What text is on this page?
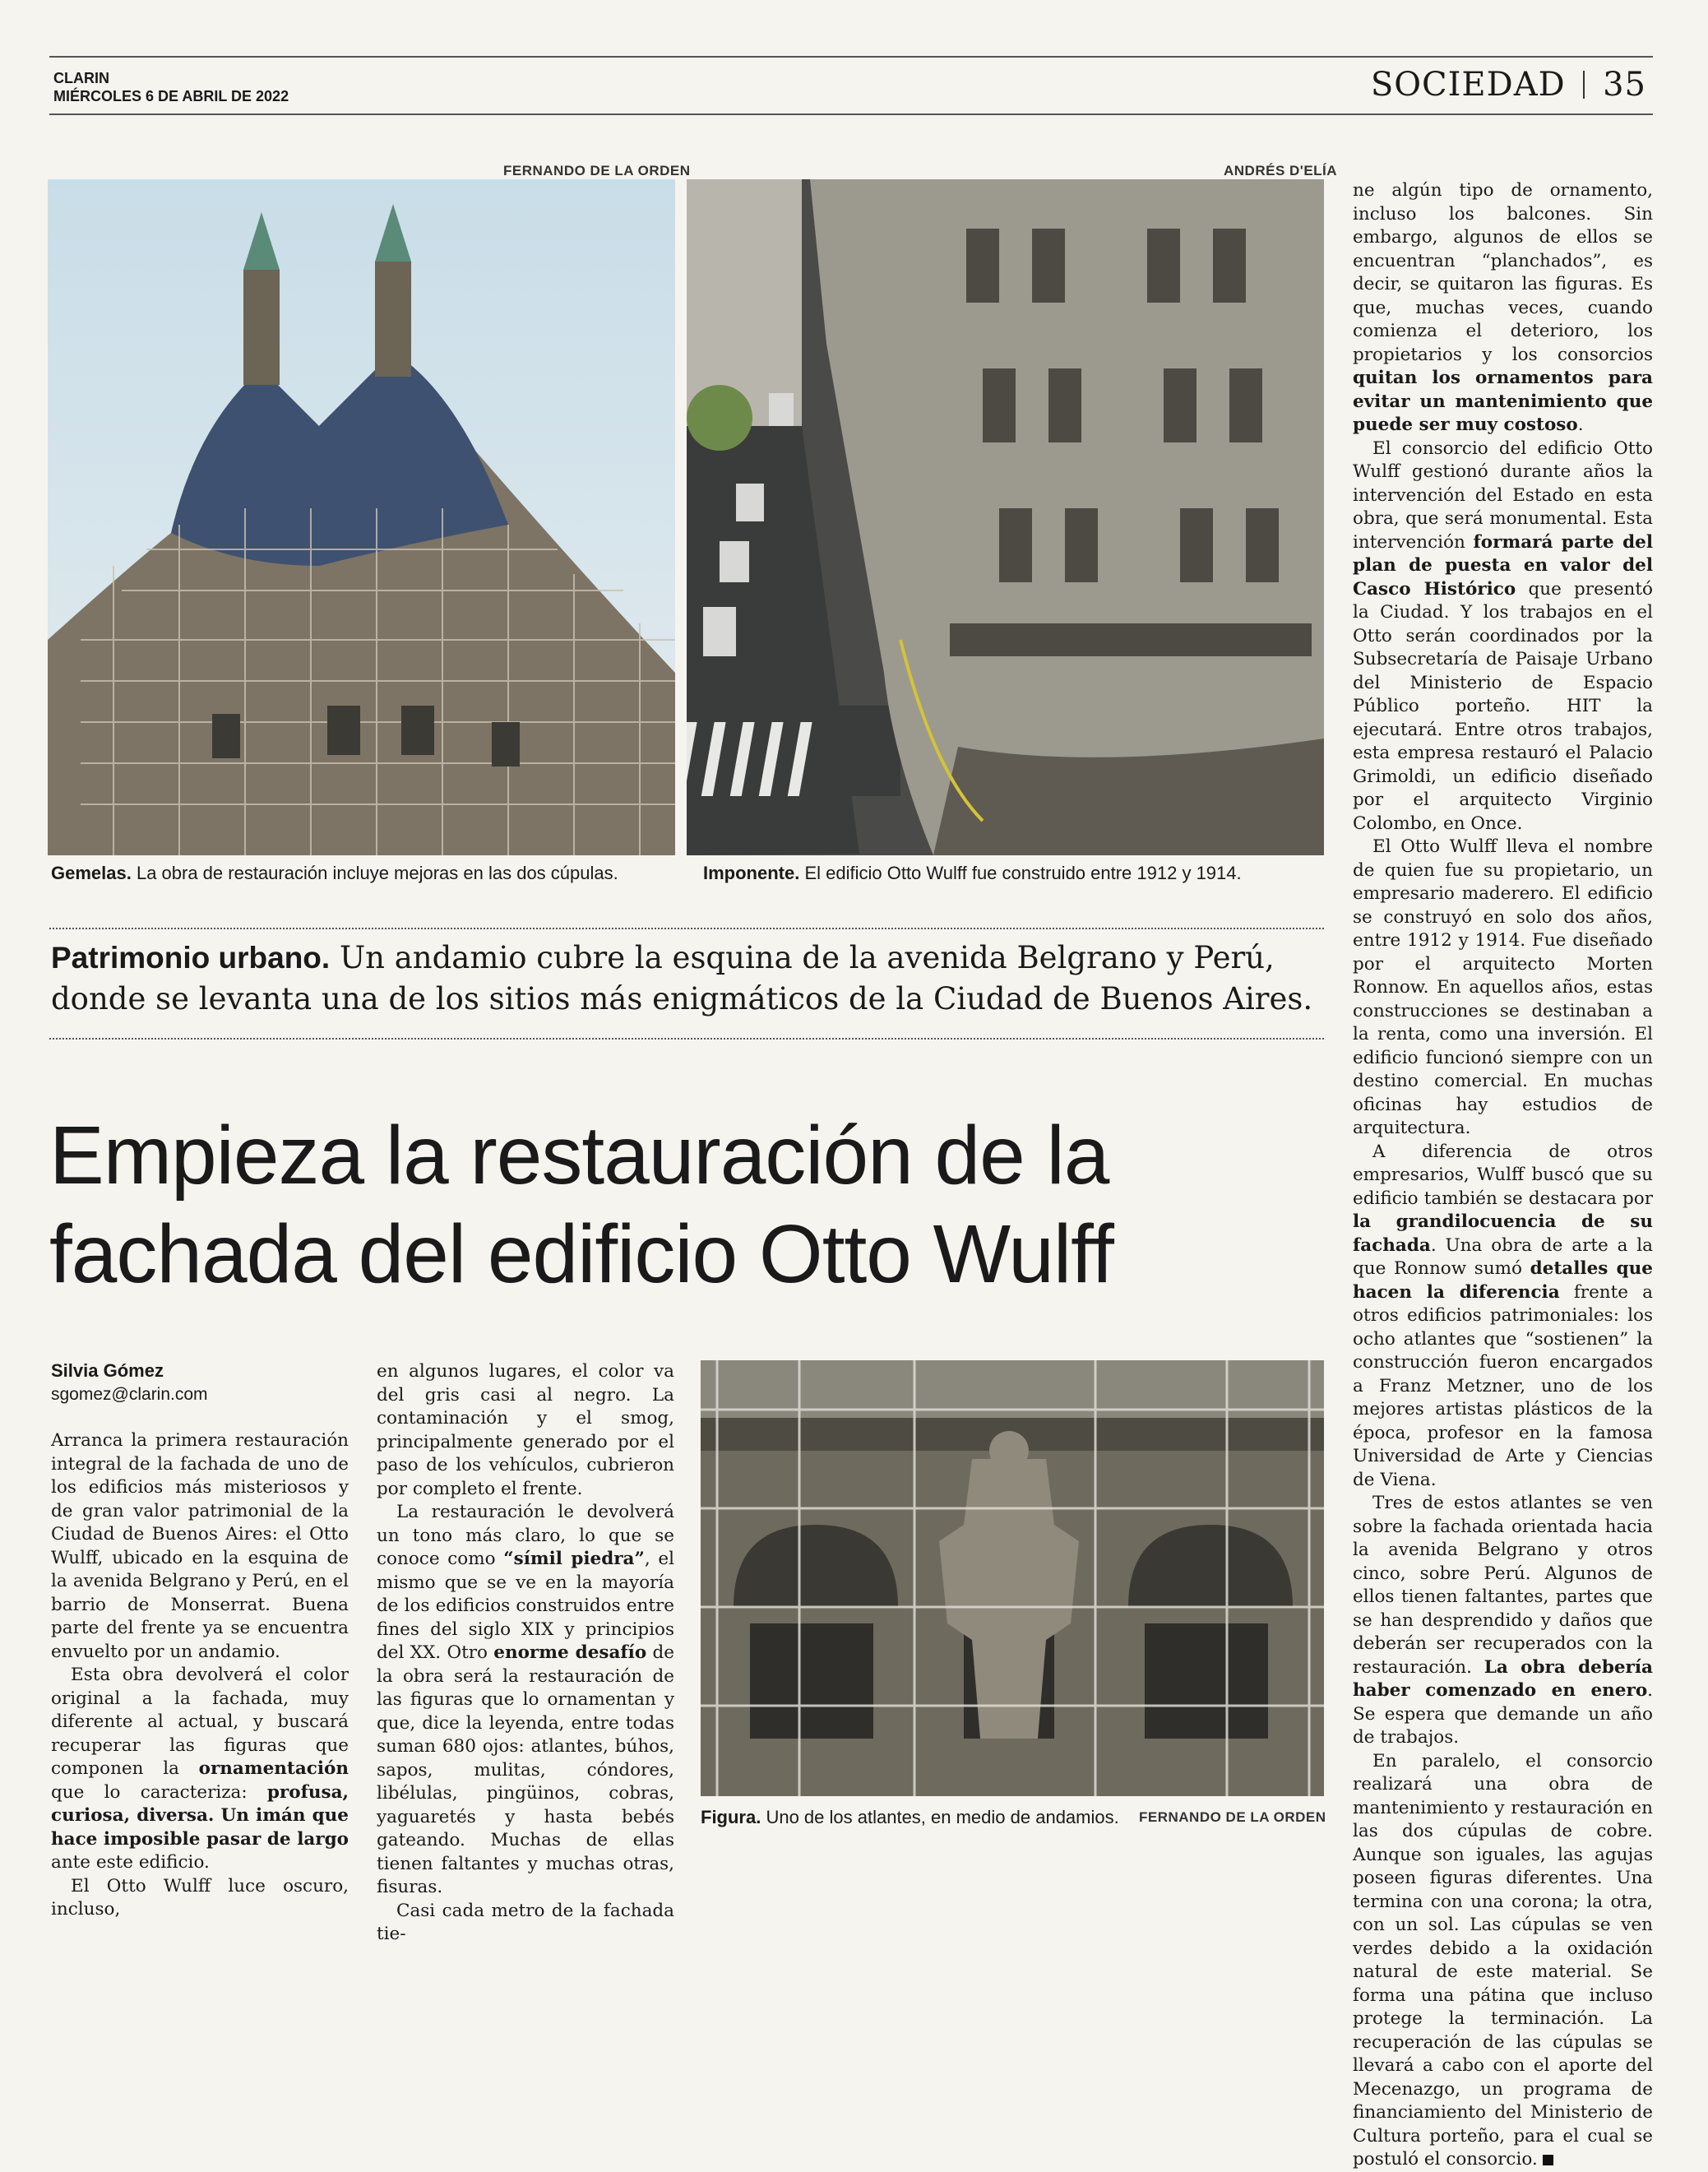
CLARIN
MIÉRCOLES 6 DE ABRIL DE 2022	SOCIEDAD 35
FERNANDO DE LA ORDEN	ANDRÉS D'ELÍA
Gemelas. La obra de restauración incluye mejoras en las dos cúpulas.	Imponente. El edificio Otto Wulff fue construido entre 1912 y 1914.
Patrimonio urbano. Un andamio cubre la esquina de la avenida Belgrano y Perú, donde se levanta una de los sitios más enigmáticos de la Ciudad de Buenos Aires.
Empieza la restauración de la fachada del edificio Otto Wulff
Silvia Gómez
sgomez@clarin.com

Arranca la primera restauración integral de la fachada de uno de los edificios más misteriosos y de gran valor patrimonial de la Ciudad de Buenos Aires: el Otto Wulff, ubicado en la esquina de la avenida Belgrano y Perú, en el barrio de Monserrat. Buena parte del frente ya se encuentra envuelto por un andamio.

Esta obra devolverá el color original a la fachada, muy diferente al actual, y buscará recuperar las figuras que componen la ornamentación que lo caracteriza: profusa, curiosa, diversa. Un imán que hace imposible pasar de largo ante este edificio.

El Otto Wulff luce oscuro, incluso,

en algunos lugares, el color va del gris casi al negro. La contaminación y el smog, principalmente generado por el paso de los vehículos, cubrieron por completo el frente.

La restauración le devolverá un tono más claro, lo que se conoce como “símil piedra”, el mismo que se ve en la mayoría de los edificios construidos entre fines del siglo XIX y principios del XX. Otro enorme desafío de la obra será la restauración de las figuras que lo ornamentan y que, dice la leyenda, entre todas suman 680 ojos: atlantes, búhos, sapos, mulitas, cóndores, libélulas, pingüinos, cobras, yaguaretés y hasta bebés gateando. Muchas de ellas tienen faltantes y muchas otras, fisuras.

Casi cada metro de la fachada tie-

Figura. Uno de los atlantes, en medio de andamios.	FERNANDO DE LA ORDEN

ne algún tipo de ornamento, incluso los balcones. Sin embargo, algunos de ellos se encuentran “planchados”, es decir, se quitaron las figuras. Es que, muchas veces, cuando comienza el deterioro, los propietarios y los consorcios quitan los ornamentos para evitar un mantenimiento que puede ser muy costoso.

El consorcio del edificio Otto Wulff gestionó durante años la intervención del Estado en esta obra, que será monumental. Esta intervención formará parte del plan de puesta en valor del Casco Histórico que presentó la Ciudad. Y los trabajos en el Otto serán coordinados por la Subsecretaría de Paisaje Urbano del Ministerio de Espacio Público porteño. HIT la ejecutará. Entre otros trabajos, esta empresa restauró el Palacio Grimoldi, un edificio diseñado por el arquitecto Virginio Colombo, en Once.

El Otto Wulff lleva el nombre de quien fue su propietario, un empresario maderero. El edificio se construyó en solo dos años, entre 1912 y 1914. Fue diseñado por el arquitecto Morten Ronnow. En aquellos años, estas construcciones se destinaban a la renta, como una inversión. El edificio funcionó siempre con un destino comercial. En muchas oficinas hay estudios de arquitectura.

A diferencia de otros empresarios, Wulff buscó que su edificio también se destacara por la grandilocuencia de su fachada. Una obra de arte a la que Ronnow sumó detalles que hacen la diferencia frente a otros edificios patrimoniales: los ocho atlantes que “sostienen” la construcción fueron encargados a Franz Metzner, uno de los mejores artistas plásticos de la época, profesor en la famosa Universidad de Arte y Ciencias de Viena.

Tres de estos atlantes se ven sobre la fachada orientada hacia la avenida Belgrano y otros cinco, sobre Perú. Algunos de ellos tienen faltantes, partes que se han desprendido y daños que deberán ser recuperados con la restauración. La obra debería haber comenzado en enero. Se espera que demande un año de trabajos.

En paralelo, el consorcio realizará una obra de mantenimiento y restauración en las dos cúpulas de cobre. Aunque son iguales, las agujas poseen figuras diferentes. Una termina con una corona; la otra, con un sol. Las cúpulas se ven verdes debido a la oxidación natural de este material. Se forma una pátina que incluso protege la terminación. La recuperación de las cúpulas se llevará a cabo con el aporte del Mecenazgo, un programa de financiamiento del Ministerio de Cultura porteño, para el cual se postuló el consorcio.
